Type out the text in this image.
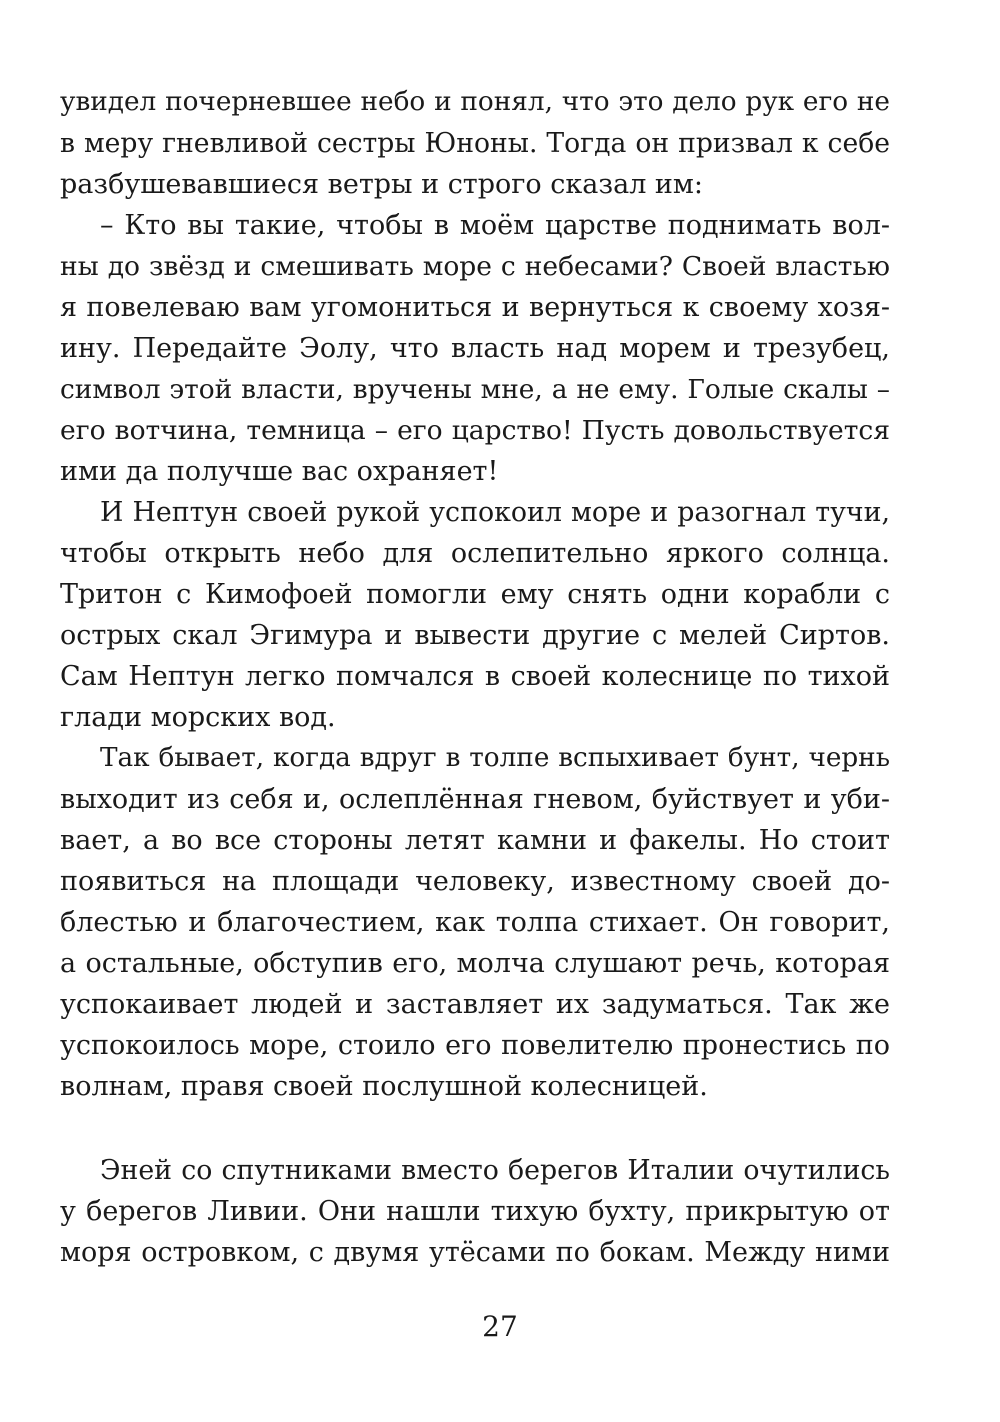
увидел почерневшее небо и понял, что это дело рук его не
в меру гневливой сестры Юноны. Тогда он призвал к себе
разбушевавшиеся ветры и строго сказал им:
– Кто вы такие, чтобы в моём царстве поднимать вол-
ны до звёзд и смешивать море с небесами? Своей властью
я повелеваю вам угомониться и вернуться к своему хозя-
ину. Передайте Эолу, что власть над морем и трезубец,
символ этой власти, вручены мне, а не ему. Голые скалы –
его вотчина, темница – его царство! Пусть довольствуется
ими да получше вас охраняет!
И Нептун своей рукой успокоил море и разогнал тучи,
чтобы открыть небо для ослепительно яркого солнца.
Тритон с Кимофоей помогли ему снять одни корабли с
острых скал Эгимура и вывести другие с мелей Сиртов.
Сам Нептун легко помчался в своей колеснице по тихой
глади морских вод.
Так бывает, когда вдруг в толпе вспыхивает бунт, чернь
выходит из себя и, ослеплённая гневом, буйствует и уби-
вает, а во все стороны летят камни и факелы. Но стоит
появиться на площади человеку, известному своей до-
блестью и благочестием, как толпа стихает. Он говорит,
а остальные, обступив его, молча слушают речь, которая
успокаивает людей и заставляет их задуматься. Так же
успокоилось море, стоило его повелителю пронестись по
волнам, правя своей послушной колесницей.
Эней со спутниками вместо берегов Италии очутились
у берегов Ливии. Они нашли тихую бухту, прикрытую от
моря островком, с двумя утёсами по бокам. Между ними
27
